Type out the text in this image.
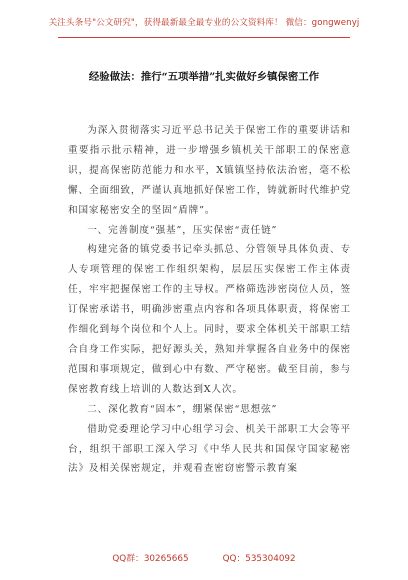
关注头条号"公文研究"，获得最新最全最专业的公文资料库！ 微信：gongwenyj
经验做法：推行“五项举措”扎实做好乡镇保密工作

为深入贯彻落实习近平总书记关于保密工作的重要讲话和重要指示批示精神，进一步增强乡镇机关干部职工的保密意识，提高保密防范能力和水平，X镇镇坚持依法治密，毫不松懈、全面细致，严谨认真地抓好保密工作，铸就新时代维护党和国家秘密安全的坚固“盾牌”。

一、完善制度“强基”，压实保密“责任链”

构建完备的镇党委书记牵头抓总、分管领导具体负责、专人专项管理的保密工作组织架构，层层压实保密工作主体责任，牢牢把握保密工作的主导权。严格筛选涉密岗位人员，签订保密承诺书，明确涉密重点内容和各项具体职责，将保密工作细化到每个岗位和个人上。同时，要求全体机关干部职工结合自身工作实际，把好源头关，熟知并掌握各自业务中的保密范围和事项规定，做到心中有数、严守秘密。截至目前，参与保密教育线上培训的人数达到X人次。

二、深化教育“固本”，绷紧保密“思想弦”

借助党委理论学习中心组学习会、机关干部职工大会等平台，组织干部职工深入学习《中华人民共和国保守国家秘密法》及相关保密规定，并观看查密窃密警示教育案

QQ群：30265665	QQ：535304092
